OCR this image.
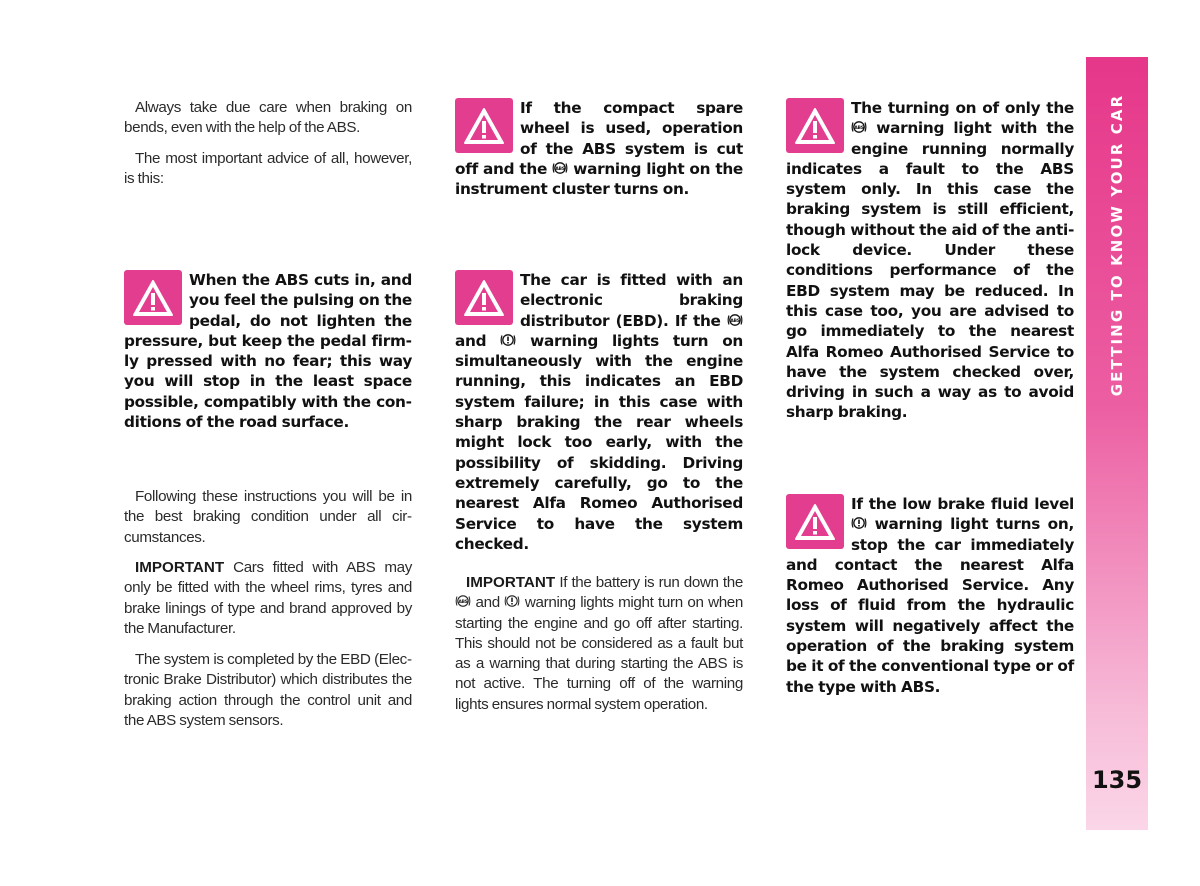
Always take due care when braking on bends, even with the help of the ABS.

The most important advice of all, however, is this:

When the ABS cuts in, and you feel the pulsing on the pedal, do not lighten the pressure, but keep the pedal firmly pressed with no fear; this way you will stop in the least space possible, compatibly with the conditions of the road surface.

Following these instructions you will be in the best braking condition under all circumstances.

IMPORTANT Cars fitted with ABS may only be fitted with the wheel rims, tyres and brake linings of type and brand approved by the Manufacturer.

The system is completed by the EBD (Electronic Brake Distributor) which distributes the braking action through the control unit and the ABS system sensors.

If the compact spare wheel is used, operation of the ABS system is cut off and the ABS warning light on the instrument cluster turns on.
The car is fitted with an electronic braking distributor (EBD). If the ABS
and
warning lights turn on simultaneously with the engine running, this indicates an EBD system failure; in this case with sharp braking the rear wheels might lock too early, with the possibility of skidding. Driving extremely carefully, go to the nearest Alfa Romeo Authorised Service to have the system checked.

IMPORTANT If the battery is run down the
ABS and
warning lights might turn on when starting the engine and go off after starting. This should not be considered as a fault but as a warning that during starting the ABS is not active. The turning off of the warning lights ensures normal system operation.

The turning on of only the
ABS warning light with the engine running normally indicates a fault to the ABS system only. In this case the braking system is still efficient, though without the aid of the anti-lock device. Under these conditions performance of the EBD system may be reduced. In this case too, you are advised to go immediately to the nearest Alfa Romeo Authorised Service to have the system checked over, driving in such a way as to avoid sharp braking.
If the low brake fluid level
warning light turns on, stop the car immediately and contact the nearest Alfa Romeo Authorised Service. Any loss of fluid from the hydraulic system will negatively affect the operation of the braking system be it of the conventional type or of the type with ABS.
GETTING TO KNOW YOUR CAR
135
